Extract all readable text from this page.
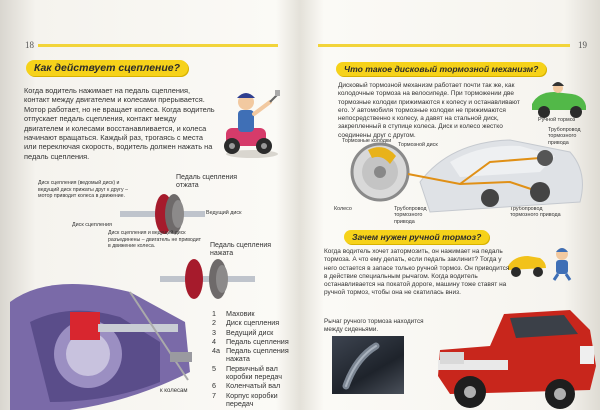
18
Как действует сцепление?
Когда водитель нажимает на педаль сцепления, контакт между двигателем и колесами прерывается. Мотор работает, но не вращает колеса. Когда водитель отпускает педаль сцепления, контакт между двигателем и колесами восстанавливается, и колеса начинают вращаться. Каждый раз, трогаясь с места или переключая скорость, водитель должен нажать на педаль сцепления.
Диск сцепления (ведомый диск) и ведущий диск прижаты друг к другу – мотор приводит колеса в движение.
Педаль сцепления отжата
Ведущий диск
Диск сцепления
Диск сцепления и ведущий диск разъединены – двигатель не приводит в движение колеса.	Педаль сцепления нажата
к колесам
1	Маховик
2	Диск сцепления
3	Ведущий диск
4	Педаль сцепления
4a Педаль сцепления нажата
5	Первичный вал коробки передач
6	Коленчатый вал
7	Корпус коробки передач
19
Что такое дисковый тормозной механизм?
Дисковый тормозной механизм работает почти так же, как колодочные тормоза на велосипеде. При торможении две тормозные колодки прижимаются к колесу и останавливают его. У автомобиля тормозные колодки не прижимаются непосредственно к колесу, а давят на стальной диск, закрепленный в ступице колеса. Диск и колесо жестко соединены друг с другом.
Ручной тормоз
Трубопровод тормозного привода
Тормозные колодки
Тормозной диск
Колесо	Трубопровод тормозного привода
Трубопровод тормозного привода
Зачем нужен ручной тормоз?
Когда водитель хочет затормозить, он нажимает на педаль тормоза. А что ему делать, если педаль заклинит? Тогда у него остается в запасе только ручной тормоз. Он приводится в действие специальным рычагом. Когда водитель останавливается на покатой дороге, машину тоже ставят на ручной тормоз, чтобы она не скатилась вниз.
Рычаг ручного тормоза находится между сиденьями.
